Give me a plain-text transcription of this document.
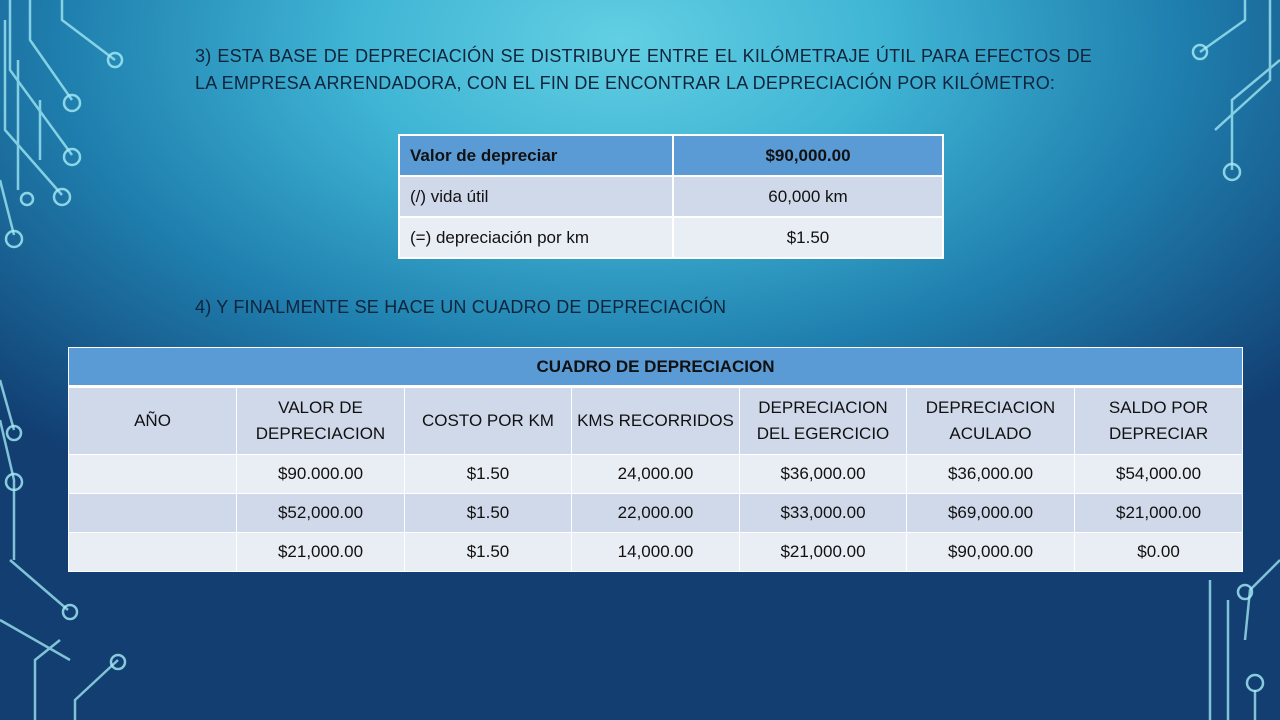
3) ESTA BASE DE DEPRECIACIÓN SE DISTRIBUYE ENTRE EL KILÓMETRAJE ÚTIL PARA EFECTOS DE LA EMPRESA ARRENDADORA, CON EL FIN DE ENCONTRAR LA DEPRECIACIÓN POR KILÓMETRO:
Valor de depreciar	$90,000.00
(/) vida útil	60,000 km
(=) depreciación por km	$1.50
4) Y FINALMENTE SE HACE UN CUADRO DE DEPRECIACIÓN
CUADRO DE DEPRECIACION						
AÑO	VALOR DE DEPRECIACION	COSTO POR KM	KMS RECORRIDOS	DEPRECIACION DEL EGERCICIO	DEPRECIACION ACULADO	SALDO POR DEPRECIAR
	$90.000.00	$1.50	24,000.00	$36,000.00	$36,000.00	$54,000.00
	$52,000.00	$1.50	22,000.00	$33,000.00	$69,000.00	$21,000.00
	$21,000.00	$1.50	14,000.00	$21,000.00	$90,000.00	$0.00
